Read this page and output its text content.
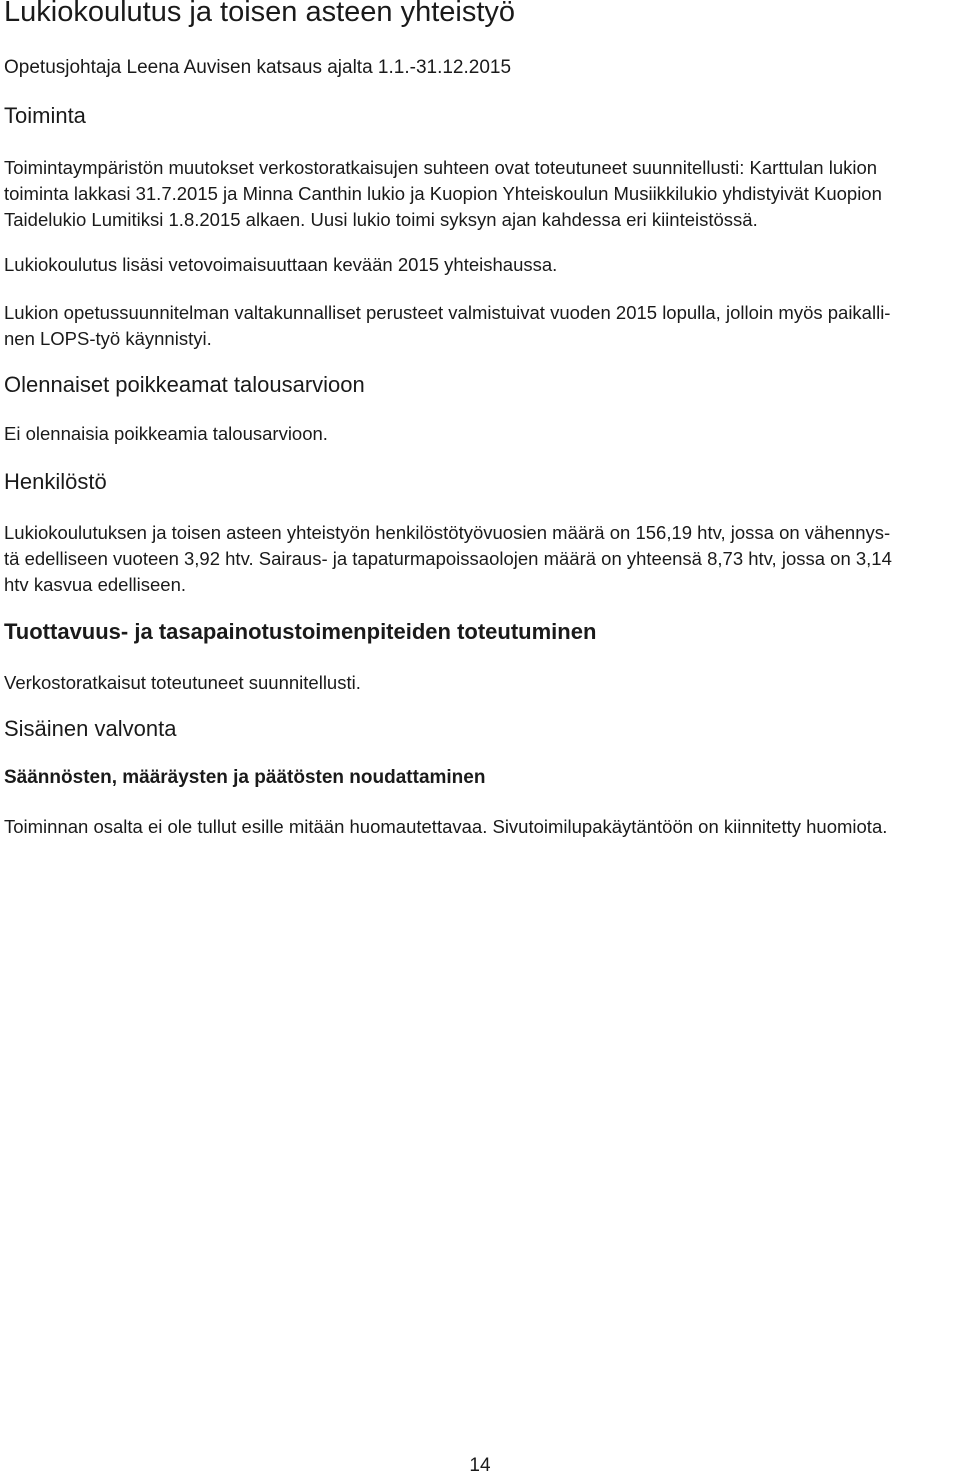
Lukiokoulutus ja toisen asteen yhteistyö

Opetusjohtaja Leena Auvisen katsaus ajalta 1.1.-31.12.2015

Toiminta

Toimintaympäristön muutokset verkostoratkaisujen suhteen ovat toteutuneet suunnitellusti: Karttulan lukion
toiminta lakkasi 31.7.2015 ja Minna Canthin lukio ja Kuopion Yhteiskoulun Musiikkilukio yhdistyivät Kuopion
Taidelukio Lumitiksi 1.8.2015 alkaen. Uusi lukio toimi syksyn ajan kahdessa eri kiinteistössä.

Lukiokoulutus lisäsi vetovoimaisuuttaan kevään 2015 yhteishaussa.

Lukion opetussuunnitelman valtakunnalliset perusteet valmistuivat vuoden 2015 lopulla, jolloin myös paikalli-
nen LOPS-työ käynnistyi.

Olennaiset poikkeamat talousarvioon

Ei olennaisia poikkeamia talousarvioon.

Henkilöstö

Lukiokoulutuksen ja toisen asteen yhteistyön henkilöstötyövuosien määrä on 156,19 htv, jossa on vähennys-
tä edelliseen vuoteen 3,92 htv. Sairaus- ja tapaturmapoissaolojen määrä on yhteensä 8,73 htv, jossa on 3,14
htv kasvua edelliseen.

Tuottavuus- ja tasapainotustoimenpiteiden toteutuminen

Verkostoratkaisut toteutuneet suunnitellusti.

Sisäinen valvonta
Säännösten, määräysten ja päätösten noudattaminen

Toiminnan osalta ei ole tullut esille mitään huomautettavaa. Sivutoimilupakäytäntöön on kiinnitetty huomiota.

14
